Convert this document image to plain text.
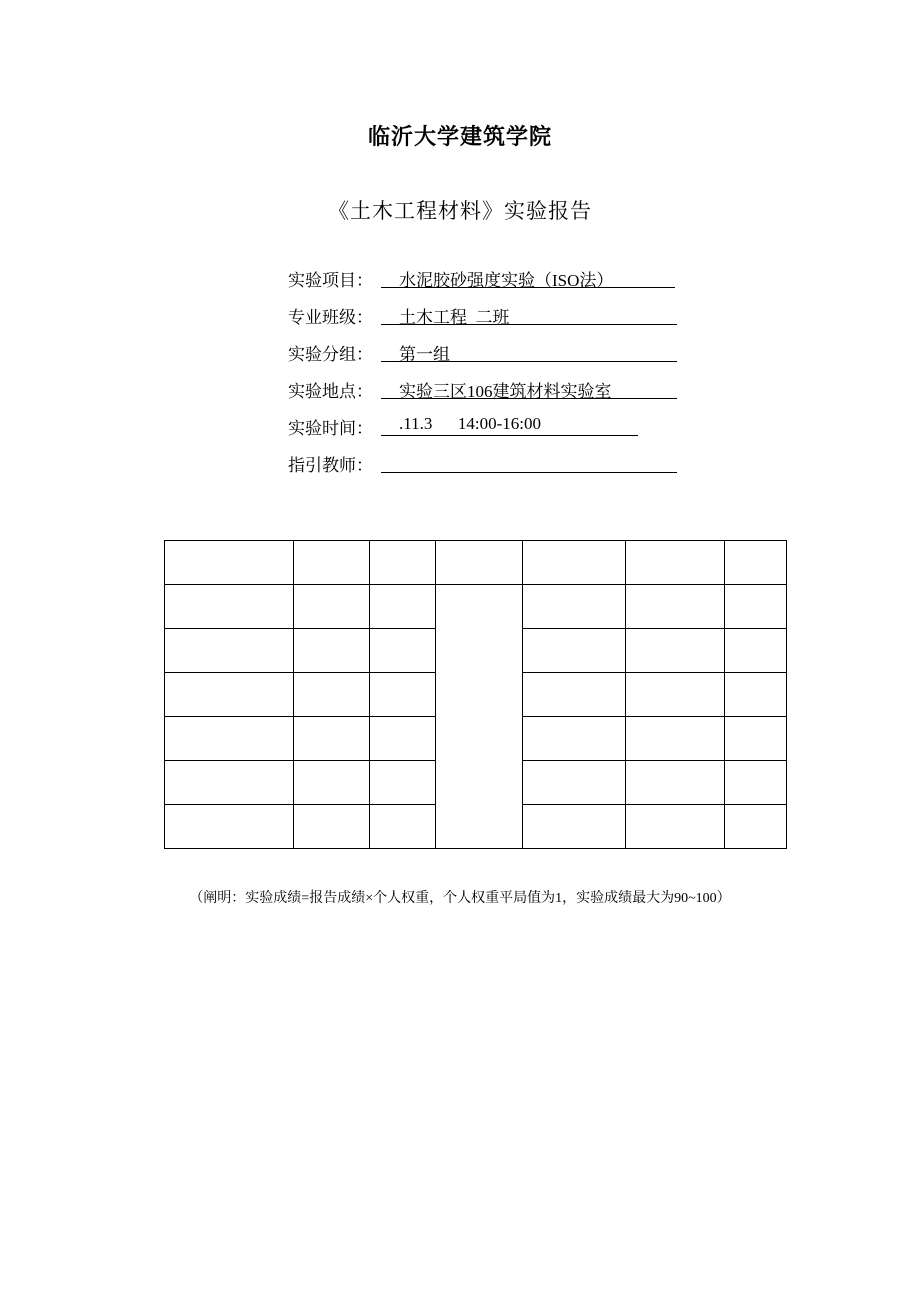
临沂大学建筑学院
《土木工程材料》实验报告
实验项目：	水泥胶砂强度实验（ISO法）
专业班级：	土木工程  二班
实验分组：	第一组
实验地点：	实验三区106建筑材料实验室
实验时间：	.11.3      14:00-16:00
指引教师：

（阐明：实验成绩=报告成绩×个人权重，个人权重平局值为1，实验成绩最大为90~100）
